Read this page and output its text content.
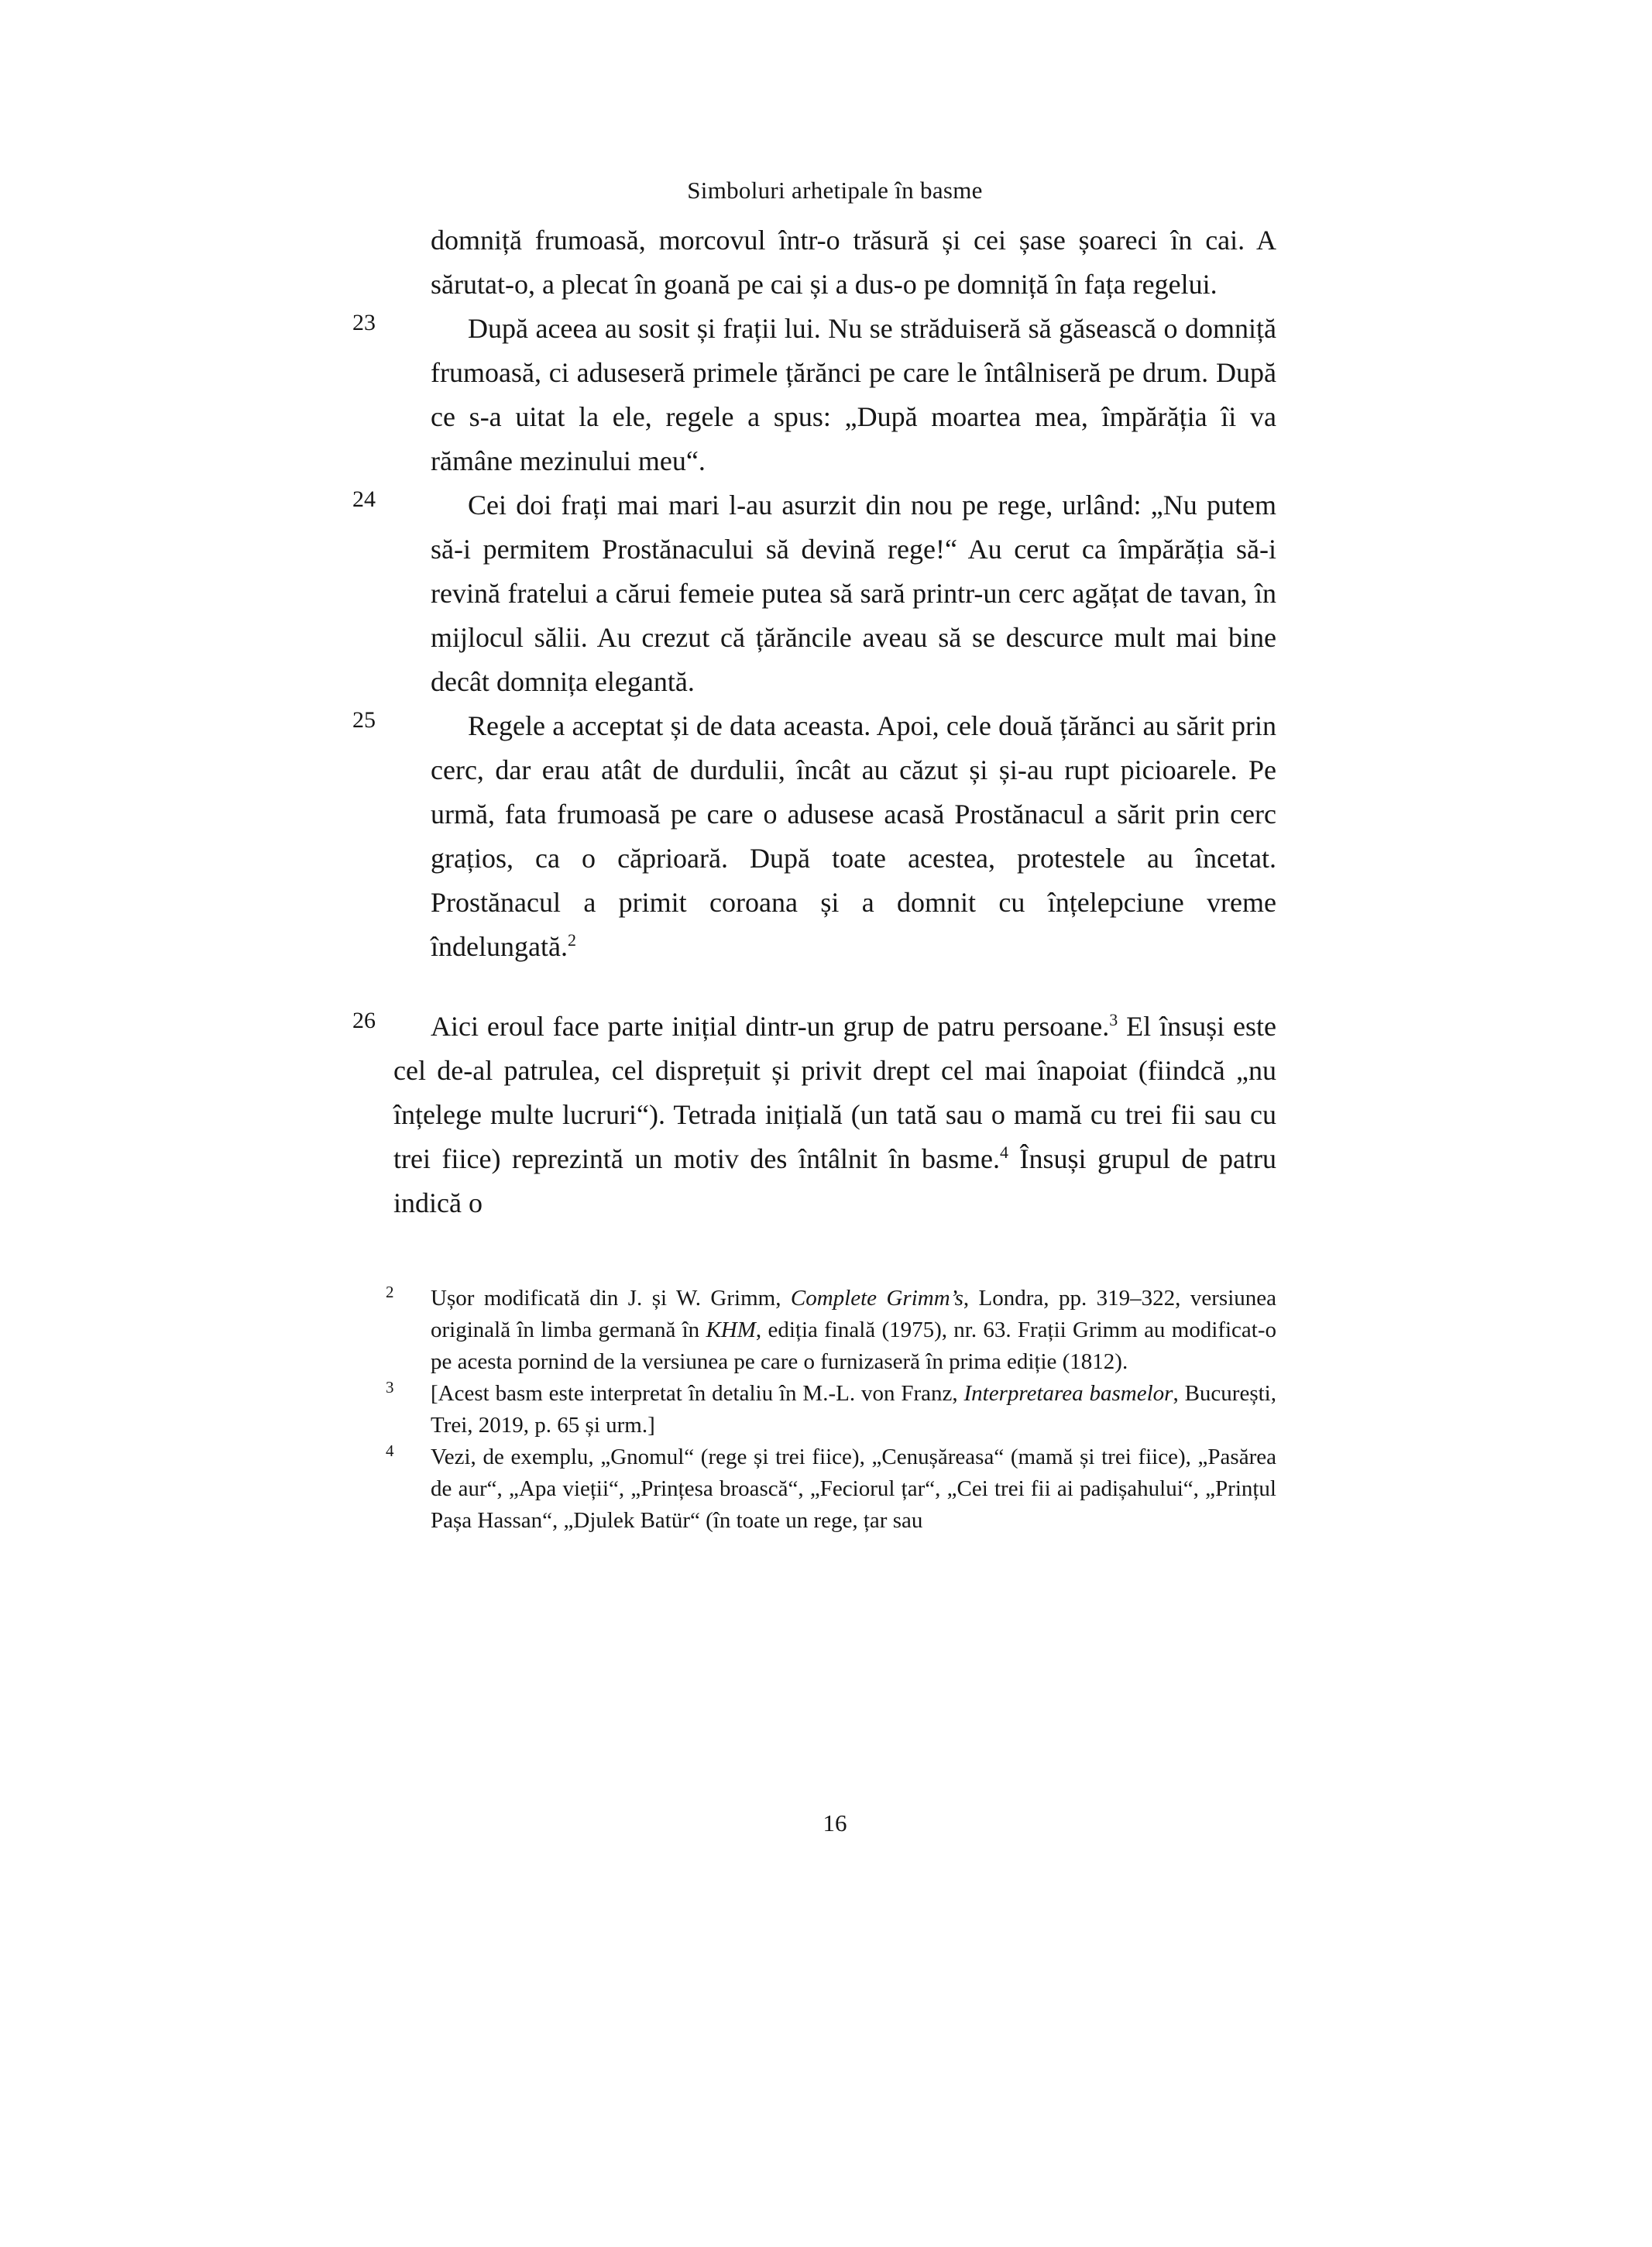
Simboluri arhetipale în basme

domniță frumoasă, morcovul într-o trăsură și cei șase șoareci în cai. A sărutat-o, a plecat în goană pe cai și a dus-o pe domniță în fața regelui.

23	După aceea au sosit și frații lui. Nu se străduiseră să găsească o domniță frumoasă, ci aduseseră primele țărănci pe care le întâlniseră pe drum. După ce s-a uitat la ele, regele a spus: „După moartea mea, împărăția îi va rămâne mezinului meu“.

24	Cei doi frați mai mari l-au asurzit din nou pe rege, urlând: „Nu putem să-i permitem Prostănacului să devină rege!“ Au cerut ca împărăția să-i revină fratelui a cărui femeie putea să sară printr-un cerc agățat de tavan, în mijlocul sălii. Au crezut că țărăncile aveau să se descurce mult mai bine decât domnița elegantă.

25	Regele a acceptat și de data aceasta. Apoi, cele două țărănci au sărit prin cerc, dar erau atât de durdulii, încât au căzut și și-au rupt picioarele. Pe urmă, fata frumoasă pe care o adusese acasă Prostănacul a sărit prin cerc grațios, ca o căprioară. După toate acestea, protestele au încetat. Prostănacul a primit coroana și a domnit cu înțelepciune vreme îndelungată.$^2$

26 Aici eroul face parte inițial dintr-un grup de patru persoane.$^3$ El însuși este cel de-al patrulea, cel disprețuit și privit drept cel mai înapoiat (fiindcă „nu înțelege multe lucruri“). Tetrada inițială (un tată sau o mamă cu trei fii sau cu trei fiice) reprezintă un motiv des întâlnit în basme.$^4$ Însuși grupul de patru indică o

2 Ușor modificată din J. și W. Grimm, Complete Grimm’s, Londra, pp. 319–322, versiunea originală în limba germană în KHM, ediția finală (1975), nr. 63. Frații Grimm au modificat-o pe acesta pornind de la versiunea pe care o furnizaseră în prima ediție (1812).
3 [Acest basm este interpretat în detaliu în M.-L. von Franz, Interpretarea basmelor, București, Trei, 2019, p. 65 și urm.]
4 Vezi, de exemplu, „Gnomul“ (rege și trei fiice), „Cenușăreasa“ (mamă și trei fiice), „Pasărea de aur“, „Apa vieții“, „Prințesa broască“, „Feciorul țar“, „Cei trei fii ai padișahului“, „Prințul Pașa Hassan“, „Djulek Batür“ (în toate un rege, țar sau
16
